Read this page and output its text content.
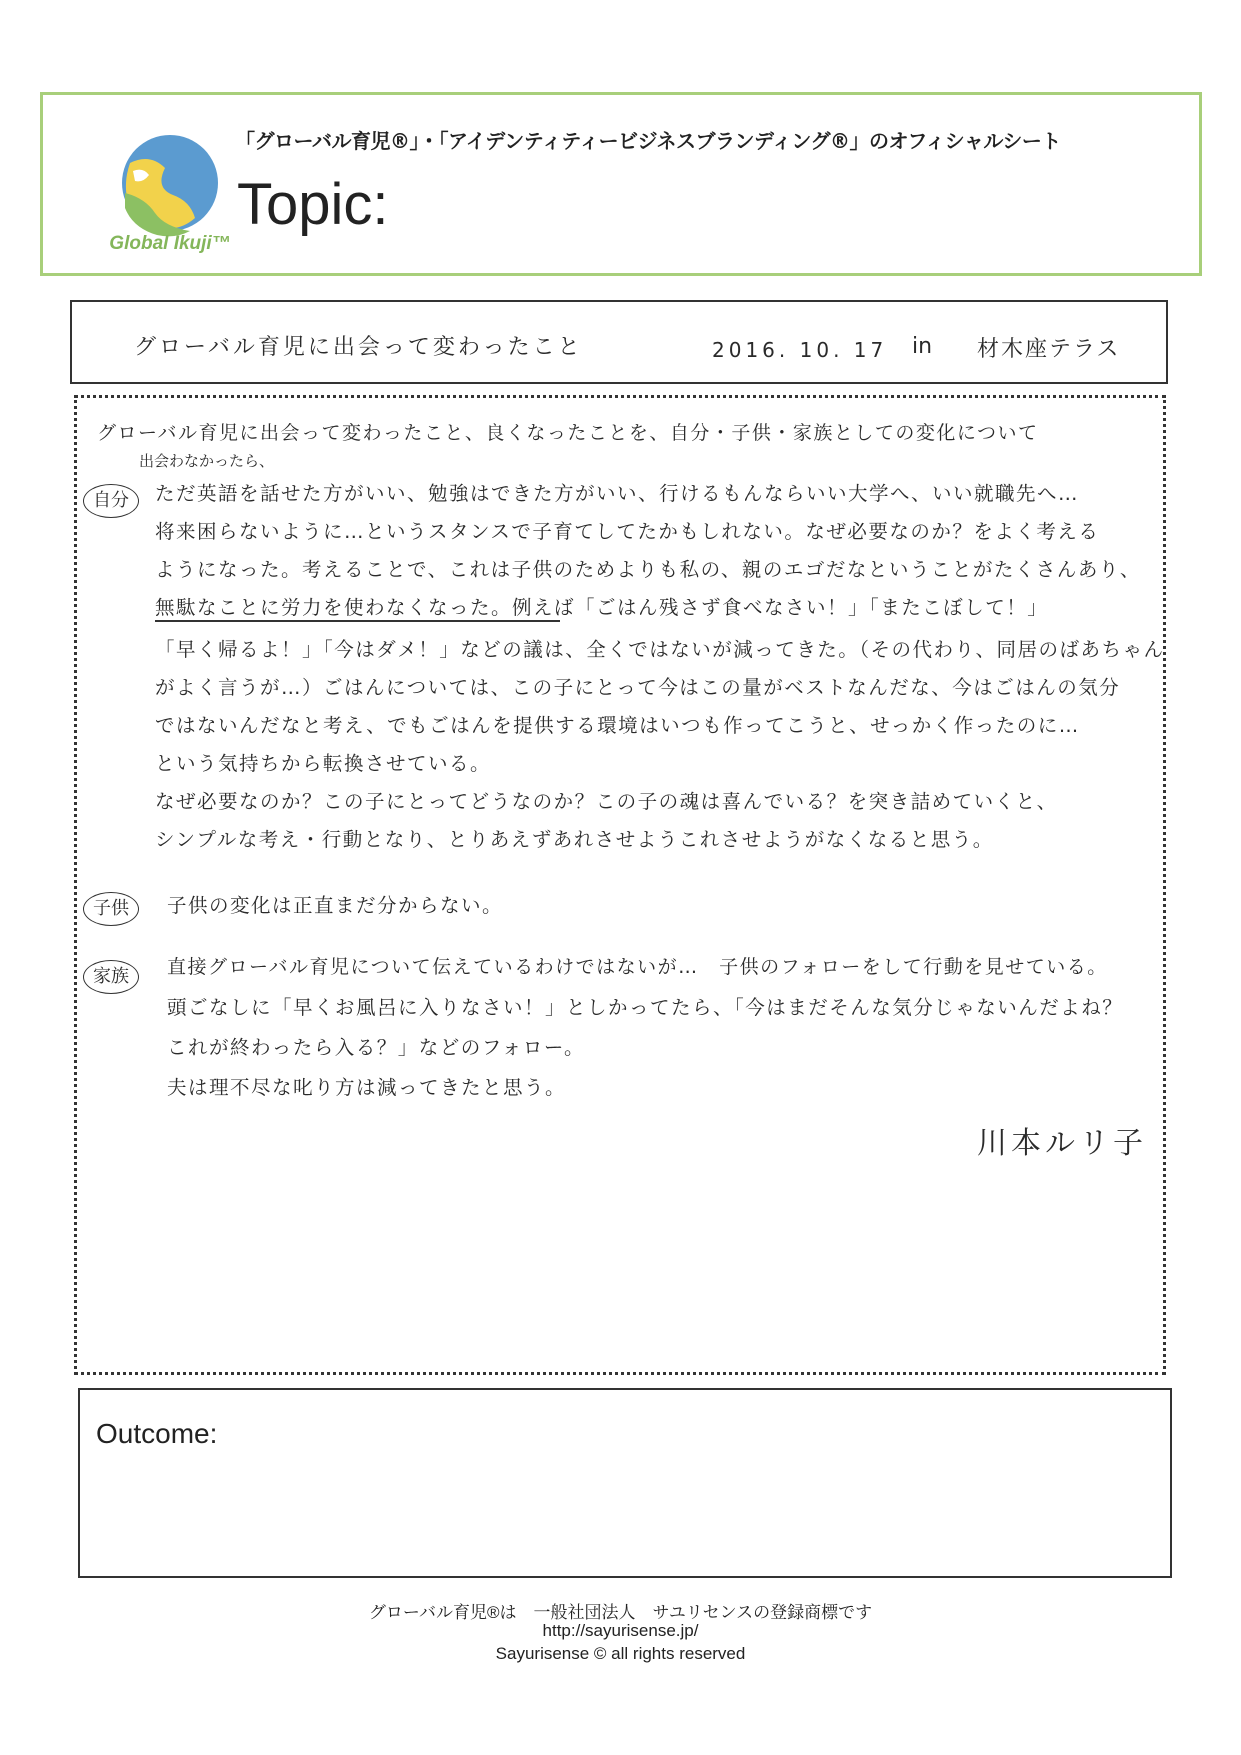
Global Ikuji™
「グローバル育児®」・「アイデンティティービジネスブランディング®」のオフィシャルシート
Topic:
グローバル育児に出会って変わったこと	2016. 10. 17 in 材木座テラス
グローバル育児に出会って変わったこと、良くなったことを、自分・子供・家族としての変化について
出会わなかったら、
自分	ただ英語を話せた方がいい、勉強はできた方がいい、行けるもんならいい大学へ、いい就職先へ…
将来困らないように…というスタンスで子育てしてたかもしれない。なぜ必要なのか？をよく考える
ようになった。考えることで、これは子供のためよりも私の、親のエゴだなということがたくさんあり、
無駄なことに労力を使わなくなった。例えば「ごはん残さず食べなさい！」「またこぼして！」
「早く帰るよ！」「今はダメ！」などの議は、全くではないが減ってきた。（その代わり、同居のばあちゃん
がよく言うが…）ごはんについては、この子にとって今はこの量がベストなんだな、今はごはんの気分
ではないんだなと考え、でもごはんを提供する環境はいつも作ってこうと、せっかく作ったのに…
という気持ちから転換させている。
なぜ必要なのか？この子にとってどうなのか？この子の魂は喜んでいる？を突き詰めていくと、
シンプルな考え・行動となり、とりあえずあれさせようこれさせようがなくなると思う。
子供	子供の変化は正直まだ分からない。
家族	直接グローバル育児について伝えているわけではないが…　子供のフォローをして行動を見せている。
頭ごなしに「早くお風呂に入りなさい！」としかってたら、「今はまだそんな気分じゃないんだよね？
これが終わったら入る？」などのフォロー。
夫は理不尽な叱り方は減ってきたと思う。
川本ルリ子
Outcome:
グローバル育児®は　一般社団法人　サユリセンスの登録商標です
http://sayurisense.jp/
Sayurisense © all rights reserved
